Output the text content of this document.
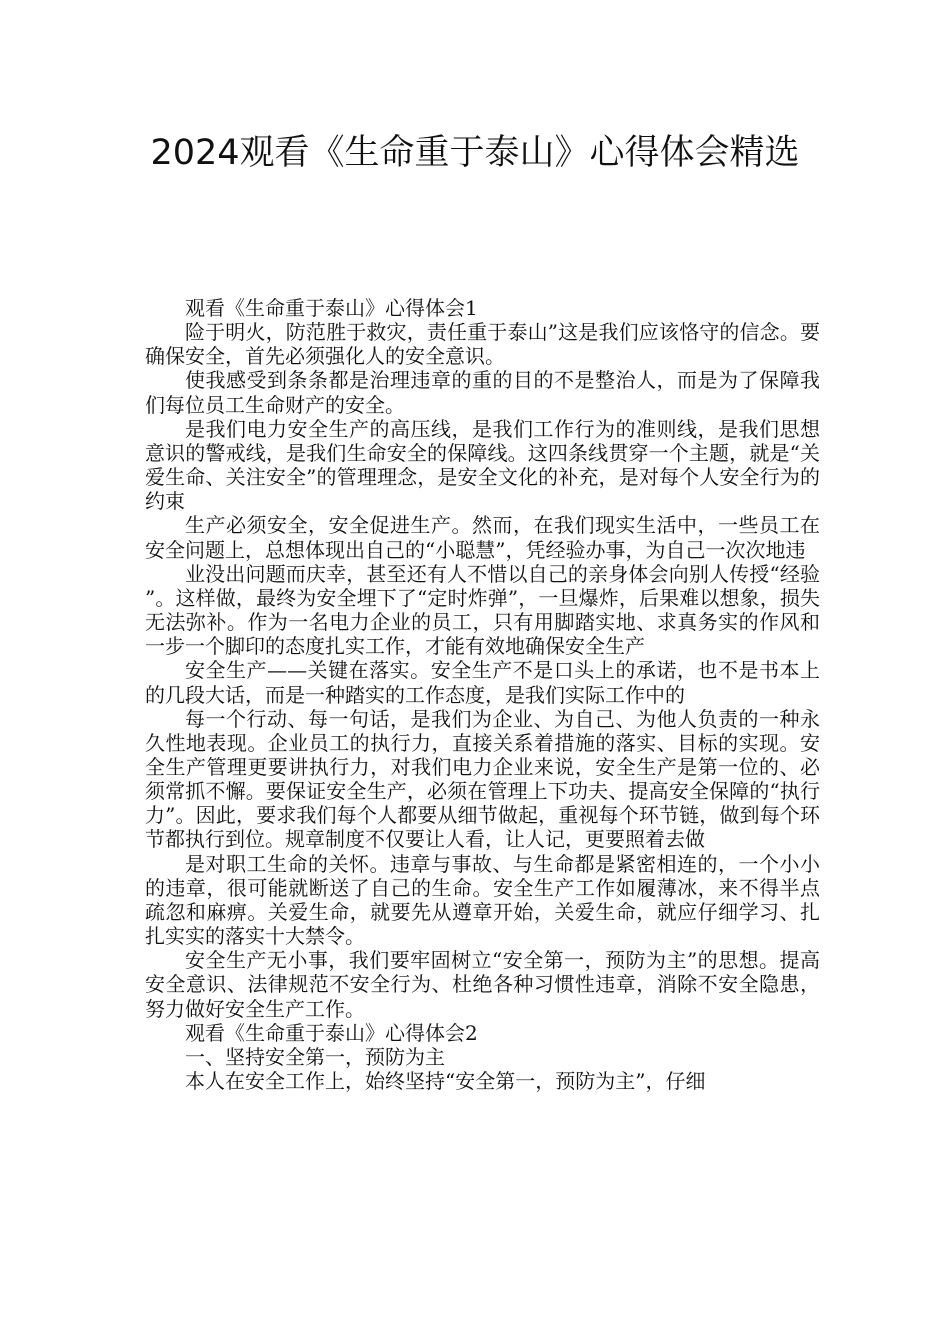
2024观看《生命重于泰山》心得体会精选

观看《生命重于泰山》心得体会1

险于明火，防范胜于救灾，责任重于泰山”这是我们应该恪守的信念。要确保安全，首先必须强化人的安全意识。

使我感受到条条都是治理违章的重的目的不是整治人，而是为了保障我们每位员工生命财产的安全。

是我们电力安全生产的高压线，是我们工作行为的准则线，是我们思想意识的警戒线，是我们生命安全的保障线。这四条线贯穿一个主题，就是“关爱生命、关注安全”的管理理念，是安全文化的补充，是对每个人安全行为的约束

生产必须安全，安全促进生产。然而，在我们现实生活中，一些员工在安全问题上，总想体现出自己的“小聪慧”，凭经验办事，为自己一次次地违

业没出问题而庆幸，甚至还有人不惜以自己的亲身体会向别人传授“经验”。这样做，最终为安全埋下了“定时炸弹”，一旦爆炸，后果难以想象，损失无法弥补。作为一名电力企业的员工，只有用脚踏实地、求真务实的作风和一步一个脚印的态度扎实工作，才能有效地确保安全生产

安全生产——关键在落实。安全生产不是口头上的承诺，也不是书本上的几段大话，而是一种踏实的工作态度，是我们实际工作中的

每一个行动、每一句话，是我们为企业、为自己、为他人负责的一种永久性地表现。企业员工的执行力，直接关系着措施的落实、目标的实现。安全生产管理更要讲执行力，对我们电力企业来说，安全生产是第一位的、必须常抓不懈。要保证安全生产，必须在管理上下功夫、提高安全保障的“执行力”。因此，要求我们每个人都要从细节做起，重视每个环节链，做到每个环节都执行到位。规章制度不仅要让人看，让人记，更要照着去做

是对职工生命的关怀。违章与事故、与生命都是紧密相连的，一个小小的违章，很可能就断送了自己的生命。安全生产工作如履薄冰，来不得半点疏忽和麻痹。关爱生命，就要先从遵章开始，关爱生命，就应仔细学习、扎扎实实的落实十大禁令。

安全生产无小事，我们要牢固树立“安全第一，预防为主”的思想。提高安全意识、法律规范不安全行为、杜绝各种习惯性违章，消除不安全隐患，努力做好安全生产工作。

观看《生命重于泰山》心得体会2

一、坚持安全第一，预防为主

本人在安全工作上，始终坚持“安全第一，预防为主”，仔细
